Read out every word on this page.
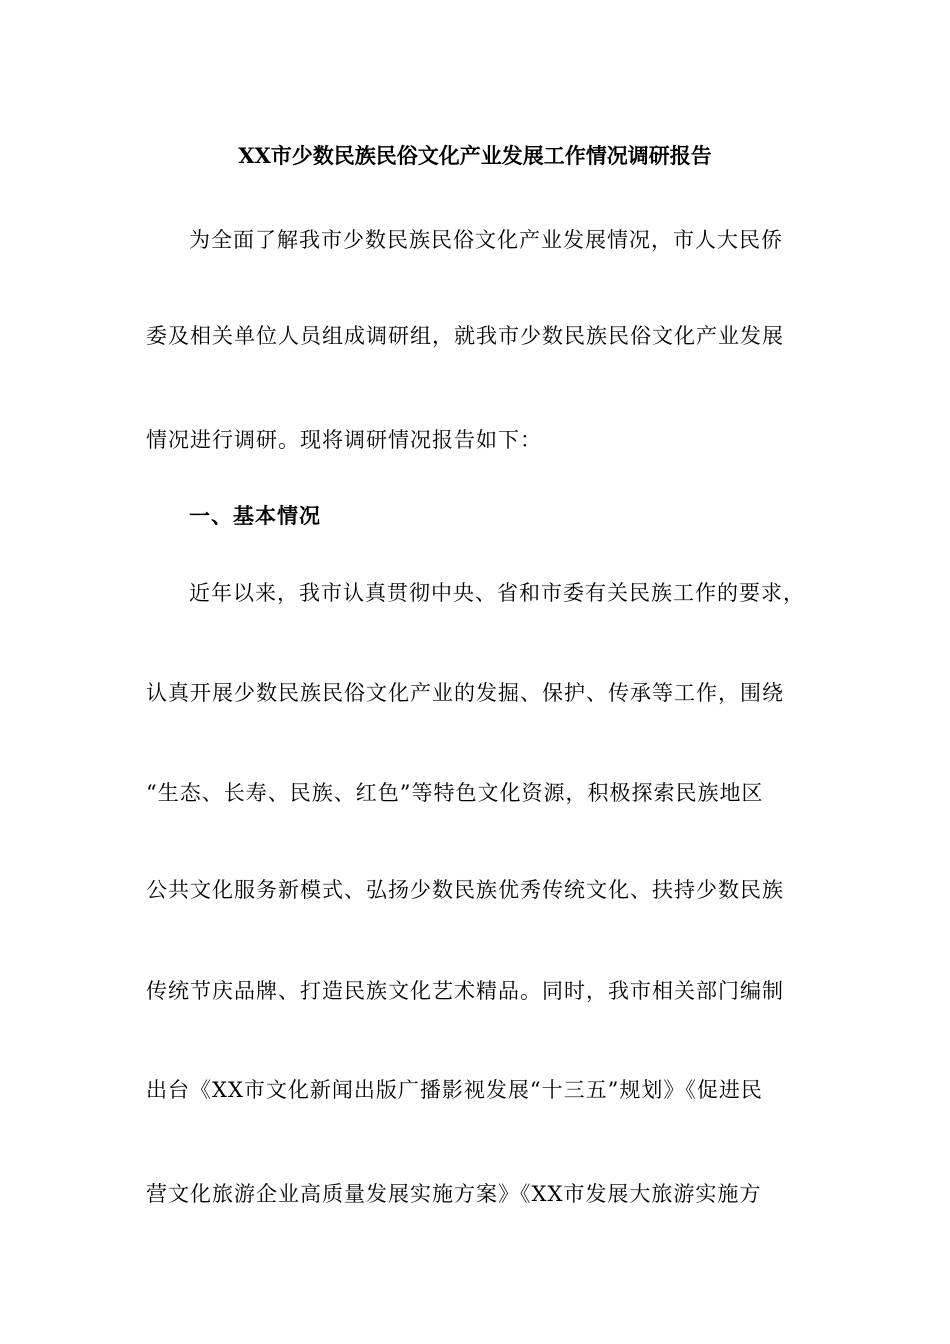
XX市少数民族民俗文化产业发展工作情况调研报告
为全面了解我市少数民族民俗文化产业发展情况，市人大民侨
委及相关单位人员组成调研组，就我市少数民族民俗文化产业发展
情况进行调研。现将调研情况报告如下：
一、基本情况
近年以来，我市认真贯彻中央、省和市委有关民族工作的要求，
认真开展少数民族民俗文化产业的发掘、保护、传承等工作，围绕
“生态、长寿、民族、红色”等特色文化资源，积极探索民族地区
公共文化服务新模式、弘扬少数民族优秀传统文化、扶持少数民族
传统节庆品牌、打造民族文化艺术精品。同时，我市相关部门编制
出台《XX市文化新闻出版广播影视发展“十三五”规划》《促进民
营文化旅游企业高质量发展实施方案》《XX市发展大旅游实施方
